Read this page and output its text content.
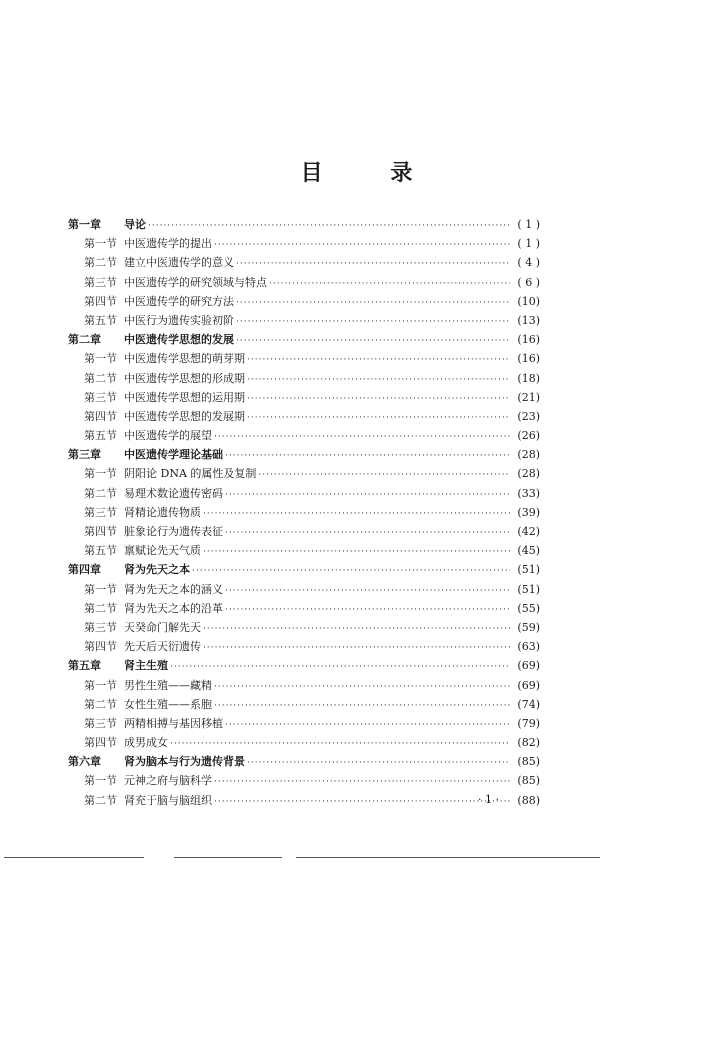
目	录
第一章	导论 ·····	( 1 )
第一节 中医遗传学的提出 ·····	( 1 )
第二节 建立中医遗传学的意义 ·····	( 4 )
第三节 中医遗传学的研究领域与特点 ·····	( 6 )
第四节 中医遗传学的研究方法 ·····	(10)
第五节 中医行为遗传实验初阶 ·····	(13)
第二章	中医遗传学思想的发展 ·····	(16)
第一节 中医遗传学思想的萌芽期 ·····	(16)
第二节 中医遗传学思想的形成期 ·····	(18)
第三节 中医遗传学思想的运用期 ·····	(21)
第四节 中医遗传学思想的发展期 ·····	(23)
第五节 中医遗传学的展望 ·····	(26)
第三章	中医遗传学理论基础 ·····	(28)
第一节 阴阳论 DNA 的属性及复制 ·····	(28)
第二节 易理术数论遗传密码 ·····	(33)
第三节 肾精论遗传物质 ·····	(39)
第四节 脏象论行为遗传表征 ·····	(42)
第五节 禀赋论先天气质 ·····	(45)
第四章	肾为先天之本 ·····	(51)
第一节 肾为先天之本的涵义 ·····	(51)
第二节 肾为先天之本的沿革 ·····	(55)
第三节 天癸命门解先天 ·····	(59)
第四节 先天后天衍遗传 ·····	(63)
第五章	肾主生殖 ·····	(69)
第一节 男性生殖——藏精 ·····	(69)
第二节 女性生殖——系胞 ·····	(74)
第三节 两精相搏与基因移植 ·····	(79)
第四节 成男成女 ·····	(82)
第六章	肾为脑本与行为遗传背景 ·····	(85)
第一节 元神之府与脑科学 ·····	(85)
第二节 肾充于脑与脑组织 ·····	(88)
· 1 ·
